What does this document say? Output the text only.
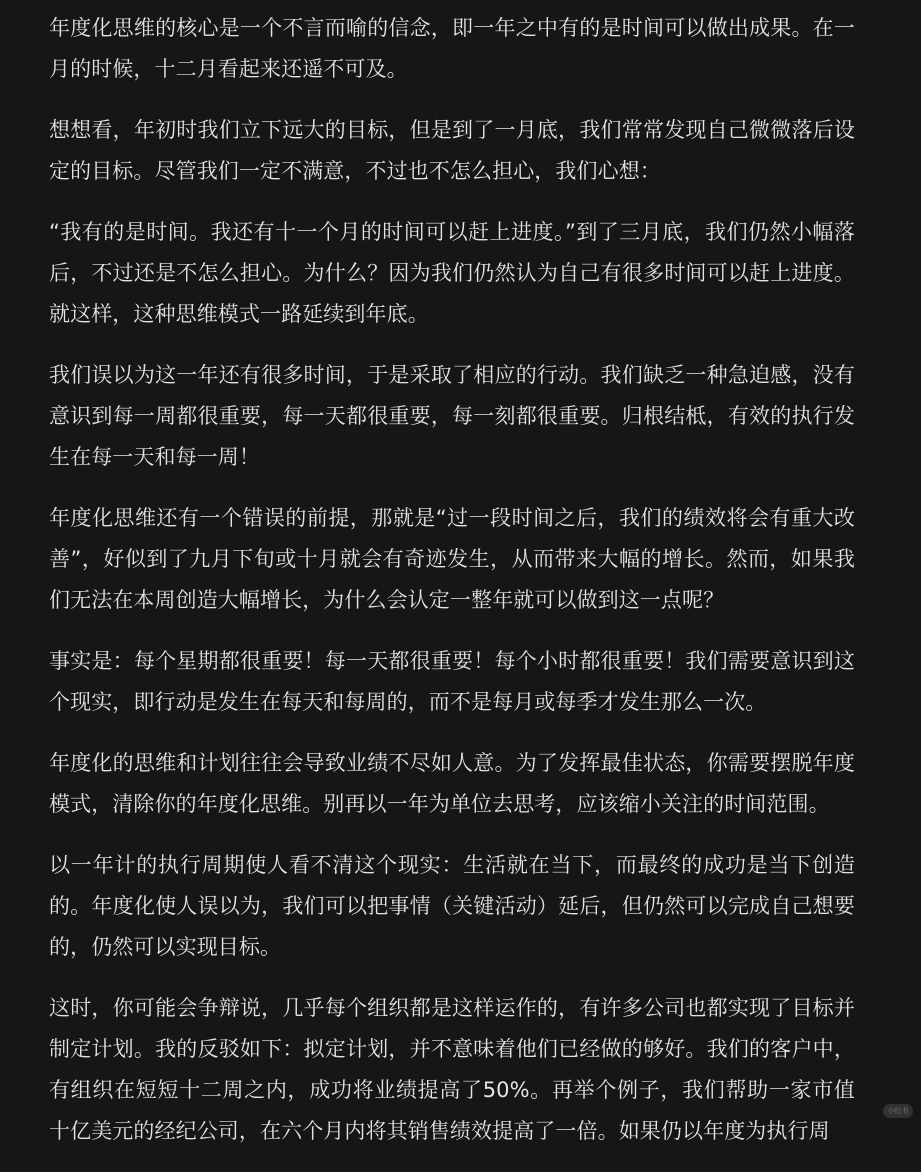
年度化思维的核心是一个不言而喻的信念，即一年之中有的是时间可以做出成果。在一月的时候，十二月看起来还遥不可及。

想想看，年初时我们立下远大的目标，但是到了一月底，我们常常发现自己微微落后设定的目标。尽管我们一定不满意，不过也不怎么担心，我们心想：

“我有的是时间。我还有十一个月的时间可以赶上进度。”到了三月底，我们仍然小幅落后，不过还是不怎么担心。为什么？因为我们仍然认为自己有很多时间可以赶上进度。就这样，这种思维模式一路延续到年底。

我们误以为这一年还有很多时间，于是采取了相应的行动。我们缺乏一种急迫感，没有意识到每一周都很重要，每一天都很重要，每一刻都很重要。归根结柢，有效的执行发生在每一天和每一周！

年度化思维还有一个错误的前提，那就是“过一段时间之后，我们的绩效将会有重大改善”，好似到了九月下旬或十月就会有奇迹发生，从而带来大幅的增长。然而，如果我们无法在本周创造大幅增长，为什么会认定一整年就可以做到这一点呢？

事实是：每个星期都很重要！每一天都很重要！每个小时都很重要！我们需要意识到这个现实，即行动是发生在每天和每周的，而不是每月或每季才发生那么一次。

年度化的思维和计划往往会导致业绩不尽如人意。为了发挥最佳状态，你需要摆脱年度模式，清除你的年度化思维。别再以一年为单位去思考，应该缩小关注的时间范围。

以一年计的执行周期使人看不清这个现实：生活就在当下，而最终的成功是当下创造的。年度化使人误以为，我们可以把事情（关键活动）延后，但仍然可以完成自己想要的，仍然可以实现目标。

这时，你可能会争辩说，几乎每个组织都是这样运作的，有许多公司也都实现了目标并制定计划。我的反驳如下：拟定计划，并不意味着他们已经做的够好。我们的客户中，有组织在短短十二周之内，成功将业绩提高了50%。再举个例子，我们帮助一家市值十亿美元的经纪公司，在六个月内将其销售绩效提高了一倍。如果仍以年度为执行周

小红书
